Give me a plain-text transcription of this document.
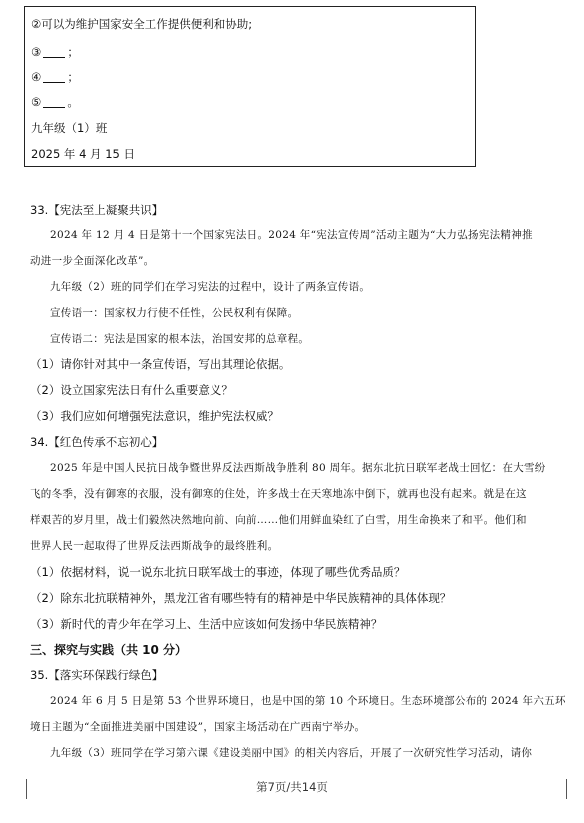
②可以为维护国家安全工作提供便利和协助;
③ ；
④ ；
⑤ 。
九年级（1）班
2025 年 4 月 15 日
33.【宪法至上凝聚共识】
2024 年 12 月 4 日是第十一个国家宪法日。2024 年“宪法宣传周”活动主题为“大力弘扬宪法精神推
动进一步全面深化改革”。
九年级（2）班的同学们在学习宪法的过程中，设计了两条宣传语。
宣传语一：国家权力行使不任性，公民权利有保障。
宣传语二：宪法是国家的根本法，治国安邦的总章程。
（1）请你针对其中一条宣传语，写出其理论依据。
（2）设立国家宪法日有什么重要意义？
（3）我们应如何增强宪法意识，维护宪法权威？
34.【红色传承不忘初心】
2025 年是中国人民抗日战争暨世界反法西斯战争胜利 80 周年。据东北抗日联军老战士回忆：在大雪纷
飞的冬季，没有御寒的衣服，没有御寒的住处，许多战士在天寒地冻中倒下，就再也没有起来。就是在这
样艰苦的岁月里，战士们毅然决然地向前、向前……他们用鲜血染红了白雪，用生命换来了和平。他们和
世界人民一起取得了世界反法西斯战争的最终胜利。
（1）依据材料，说一说东北抗日联军战士的事迹，体现了哪些优秀品质？
（2）除东北抗联精神外，黑龙江省有哪些特有的精神是中华民族精神的具体体现？
（3）新时代的青少年在学习上、生活中应该如何发扬中华民族精神？
三、探究与实践（共 10 分）
35.【落实环保践行绿色】
2024 年 6 月 5 日是第 53 个世界环境日，也是中国的第 10 个环境日。生态环境部公布的 2024 年六五环
境日主题为“全面推进美丽中国建设”，国家主场活动在广西南宁举办。
九年级（3）班同学在学习第六课《建设美丽中国》的相关内容后，开展了一次研究性学习活动，请你
第7页/共14页
